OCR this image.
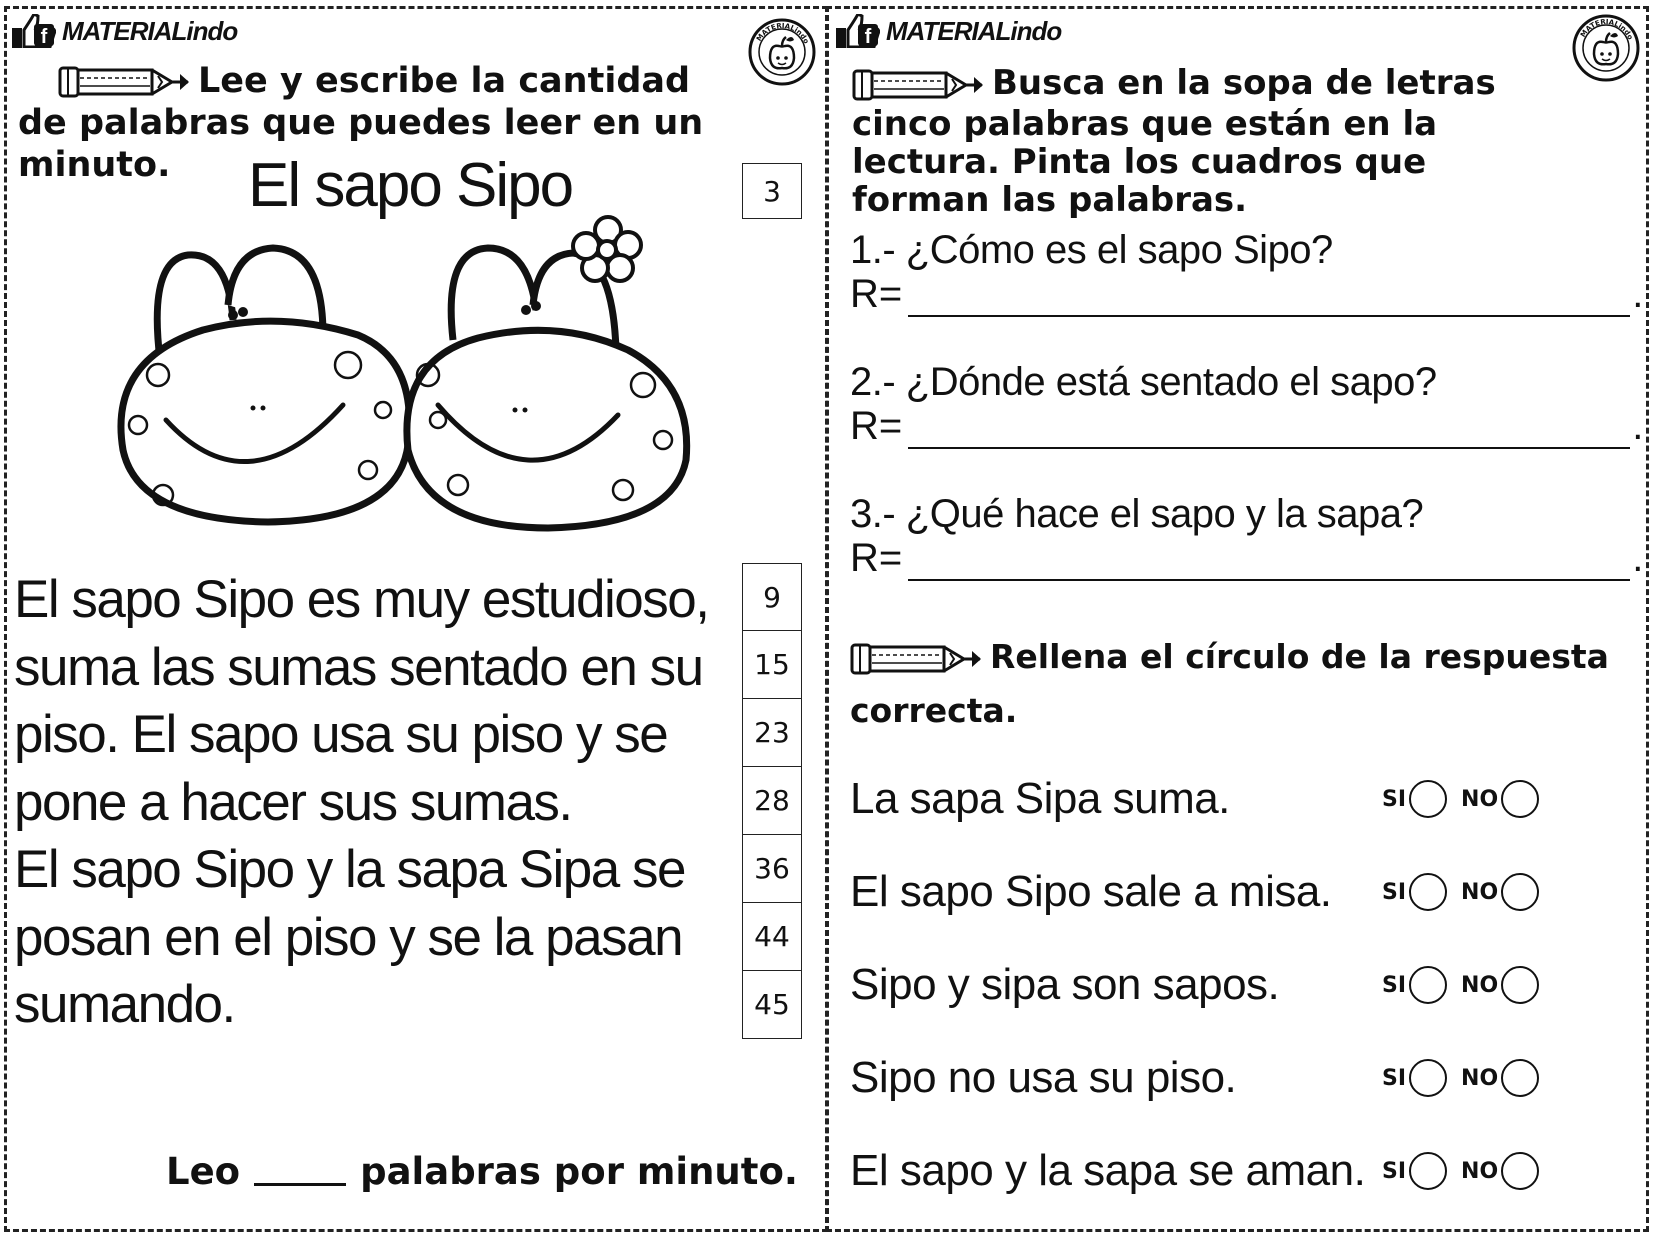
MATERIALindo
Lee y escribe la cantidad de palabras que puedes leer en un minuto.	El sapo Sipo	3
El sapo Sipo es muy estudioso,
suma las sumas sentado en su
piso. El sapo usa su piso y se
pone a hacer sus sumas.
El sapo Sipo y la sapa Sipa se
posan en el piso y se la pasan
sumando.
9
15
23
28
36
44
45
Leo	palabras por minuto.
MATERIALindo
Busca en la sopa de letras cinco palabras que están en la lectura. Pinta los cuadros que forman las palabras.
1.- ¿Cómo es el sapo Sipo?
R=	.
2.- ¿Dónde está sentado el sapo?
R=	.
3.- ¿Qué hace el sapo y la sapa?
R=	.
Rellena el círculo de la respuesta correcta.
La sapa Sipa suma.	SI	NO
El sapo Sipo sale a misa.	SI	NO
Sipo y sipa son sapos.	SI	NO
Sipo no usa su piso.	SI	NO
El sapo y la sapa se aman. SI	NO
